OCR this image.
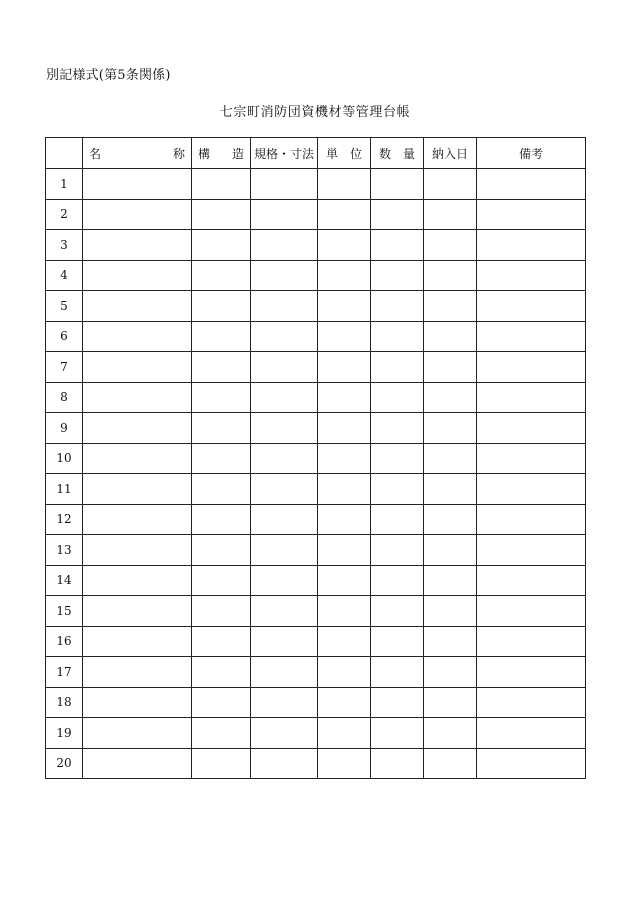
別記様式(第5条関係)
七宗町消防団資機材等管理台帳

	名 称	構 造	規格・寸法	単 位	数 量	納入日	備考

1							
2							
3							
4							
5							
6							
7							
8							
9							
10							
11							
12							
13							
14							
15							
16							
17							
18							
19							
20							
